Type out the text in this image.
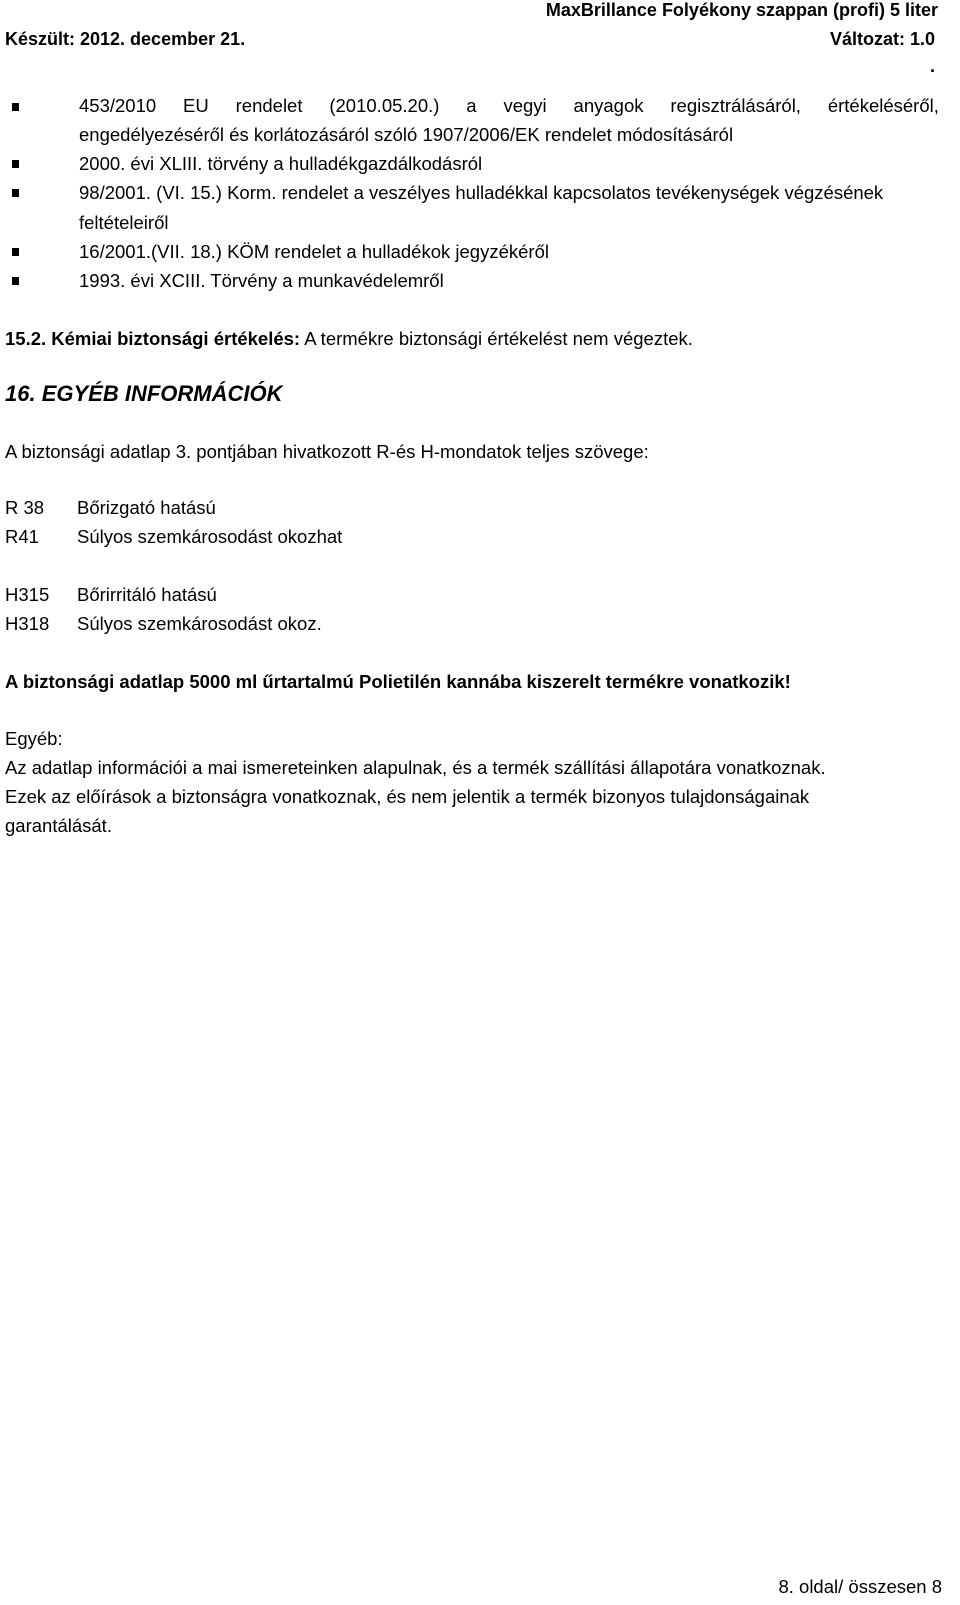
MaxBrillance Folyékony szappan (profi) 5 liter
Készült: 2012. december 21.	Változat: 1.0
.
453/2010 EU rendelet (2010.05.20.) a vegyi anyagok regisztrálásáról, értékeléséről,
engedélyezéséről és korlátozásáról szóló 1907/2006/EK rendelet módosításáról
2000. évi XLIII. törvény a hulladékgazdálkodásról
98/2001. (VI. 15.) Korm. rendelet a veszélyes hulladékkal kapcsolatos tevékenységek végzésének
feltételeiről
16/2001.(VII. 18.) KÖM rendelet a hulladékok jegyzékéről
1993. évi XCIII. Törvény a munkavédelemről
15.2. Kémiai biztonsági értékelés: A termékre biztonsági értékelést nem végeztek.
16. EGYÉB INFORMÁCIÓK
A biztonsági adatlap 3. pontjában hivatkozott R-és H-mondatok teljes szövege:
R 38 Bőrizgató hatású
R41 Súlyos szemkárosodást okozhat
H315 Bőrirritáló hatású
H318 Súlyos szemkárosodást okoz.
A biztonsági adatlap 5000 ml űrtartalmú Polietilén kannába kiszerelt termékre vonatkozik!
Egyéb:
Az adatlap információi a mai ismereteinken alapulnak, és a termék szállítási állapotára vonatkoznak.
Ezek az előírások a biztonságra vonatkoznak, és nem jelentik a termék bizonyos tulajdonságainak
garantálását.
8. oldal/ összesen 8
